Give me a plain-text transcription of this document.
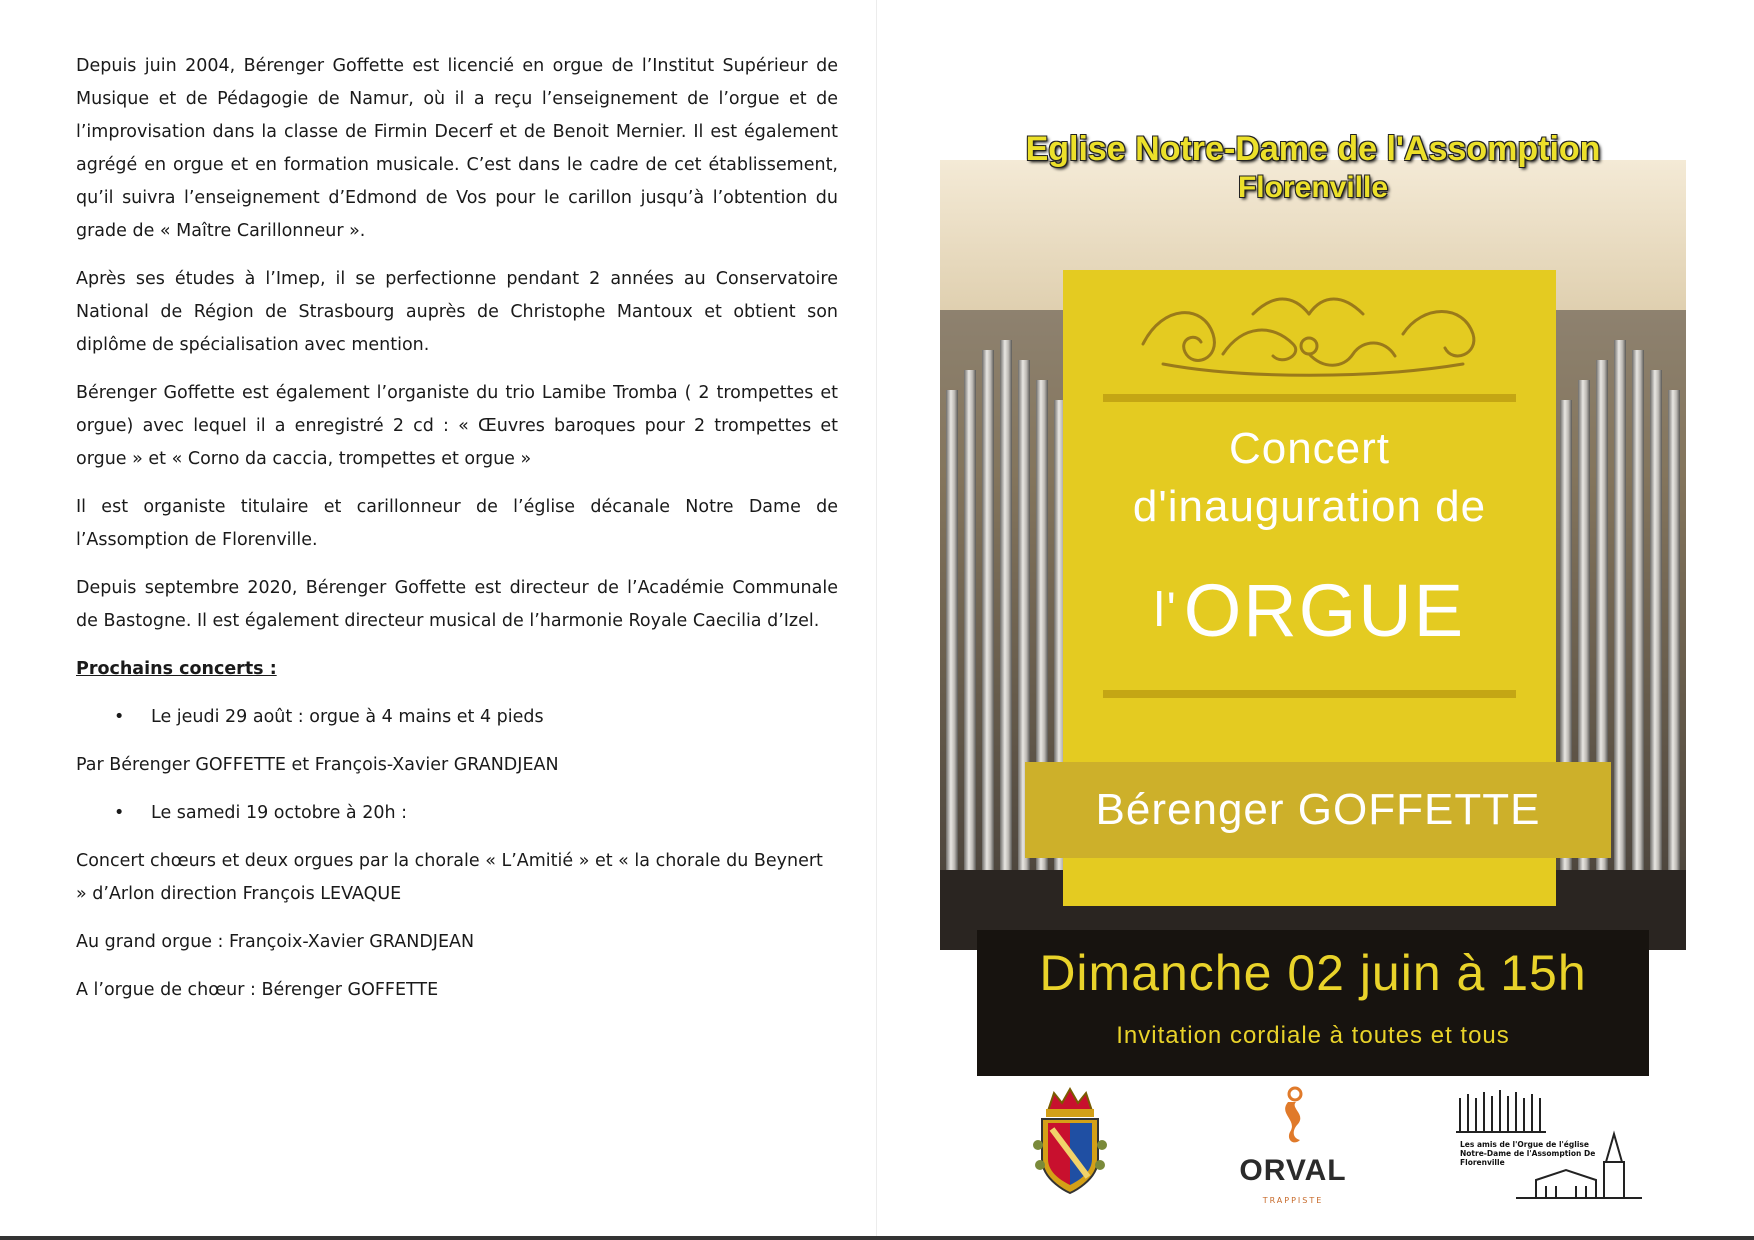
Depuis juin 2004, Bérenger Goffette est licencié en orgue de l’Institut Supérieur de Musique et de Pédagogie de Namur, où il a reçu l’enseignement de l’orgue et de l’improvisation dans la classe de Firmin Decerf et de Benoit Mernier. Il est également agrégé en orgue et en formation musicale. C’est dans le cadre de cet établissement, qu’il suivra l’enseignement d’Edmond de Vos pour le carillon jusqu’à l’obtention du grade de « Maître Carillonneur ».

Après ses études à l’Imep, il se perfectionne pendant 2 années au Conservatoire National de Région de Strasbourg auprès de Christophe Mantoux et obtient son diplôme de spécialisation avec mention.

Bérenger Goffette est également l’organiste du trio Lamibe Tromba ( 2 trompettes et orgue) avec lequel il a enregistré 2 cd : « Œuvres baroques pour 2 trompettes et orgue » et « Corno da caccia, trompettes et orgue »

Il est organiste titulaire et carillonneur de l’église décanale Notre Dame de l’Assomption de Florenville.

Depuis septembre 2020, Bérenger Goffette est directeur de l’Académie Communale de Bastogne. Il est également directeur musical de l’harmonie Royale Caecilia d’Izel.

Prochains concerts :
• Le jeudi 29 août : orgue à 4 mains et 4 pieds

Par Bérenger GOFFETTE et François-Xavier GRANDJEAN

• Le samedi 19 octobre à 20h :

Concert chœurs et deux orgues par la chorale « L’Amitié » et « la chorale du Beynert » d’Arlon direction François LEVAQUE

Au grand orgue : Françoix-Xavier GRANDJEAN

A l’orgue de chœur : Bérenger GOFFETTE

Eglise Notre-Dame de l'Assomption
Florenville
Concert
d'inauguration de
l'ORGUE
Bérenger GOFFETTE
Dimanche 02 juin à 15h
Invitation cordiale à toutes et tous
ORVAL
TRAPPISTE
Les amis de l'Orgue de l'église Notre-Dame de l'Assomption De Florenville
